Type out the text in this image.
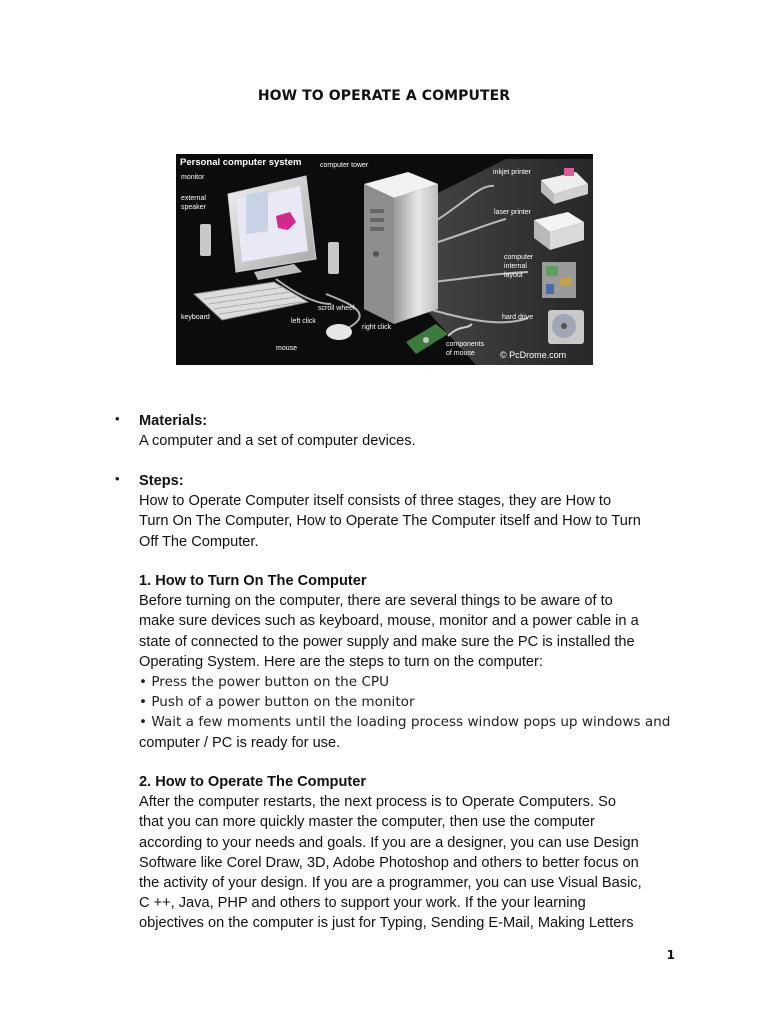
HOW TO OPERATE A COMPUTER
Personal computer system
monitor
external
speaker
computer tower
inkjet printer
laser printer
computer
internal
layout
keyboard
scroll wheel
left click
right click
hard drive
mouse
components
of mouse	© PcDrome.com
• Materials:

A computer and a set of computer devices.

• Steps:

How to Operate Computer itself consists of three stages, they are How to

Turn On The Computer, How to Operate The Computer itself and How to Turn

Off The Computer.

1. How to Turn On The Computer

Before turning on the computer, there are several things to be aware of to

make sure devices such as keyboard, mouse, monitor and a power cable in a

state of connected to the power supply and make sure the PC is installed the

Operating System. Here are the steps to turn on the computer:

• Press the power button on the CPU

• Push of a power button on the monitor

• Wait a few moments until the loading process window pops up windows and

computer / PC is ready for use.

2. How to Operate The Computer

After the computer restarts, the next process is to Operate Computers. So

that you can more quickly master the computer, then use the computer

according to your needs and goals. If you are a designer, you can use Design

Software like Corel Draw, 3D, Adobe Photoshop and others to better focus on

the activity of your design. If you are a programmer, you can use Visual Basic,

C ++, Java, PHP and others to support your work. If the your learning

objectives on the computer is just for Typing, Sending E-Mail, Making Letters

1
